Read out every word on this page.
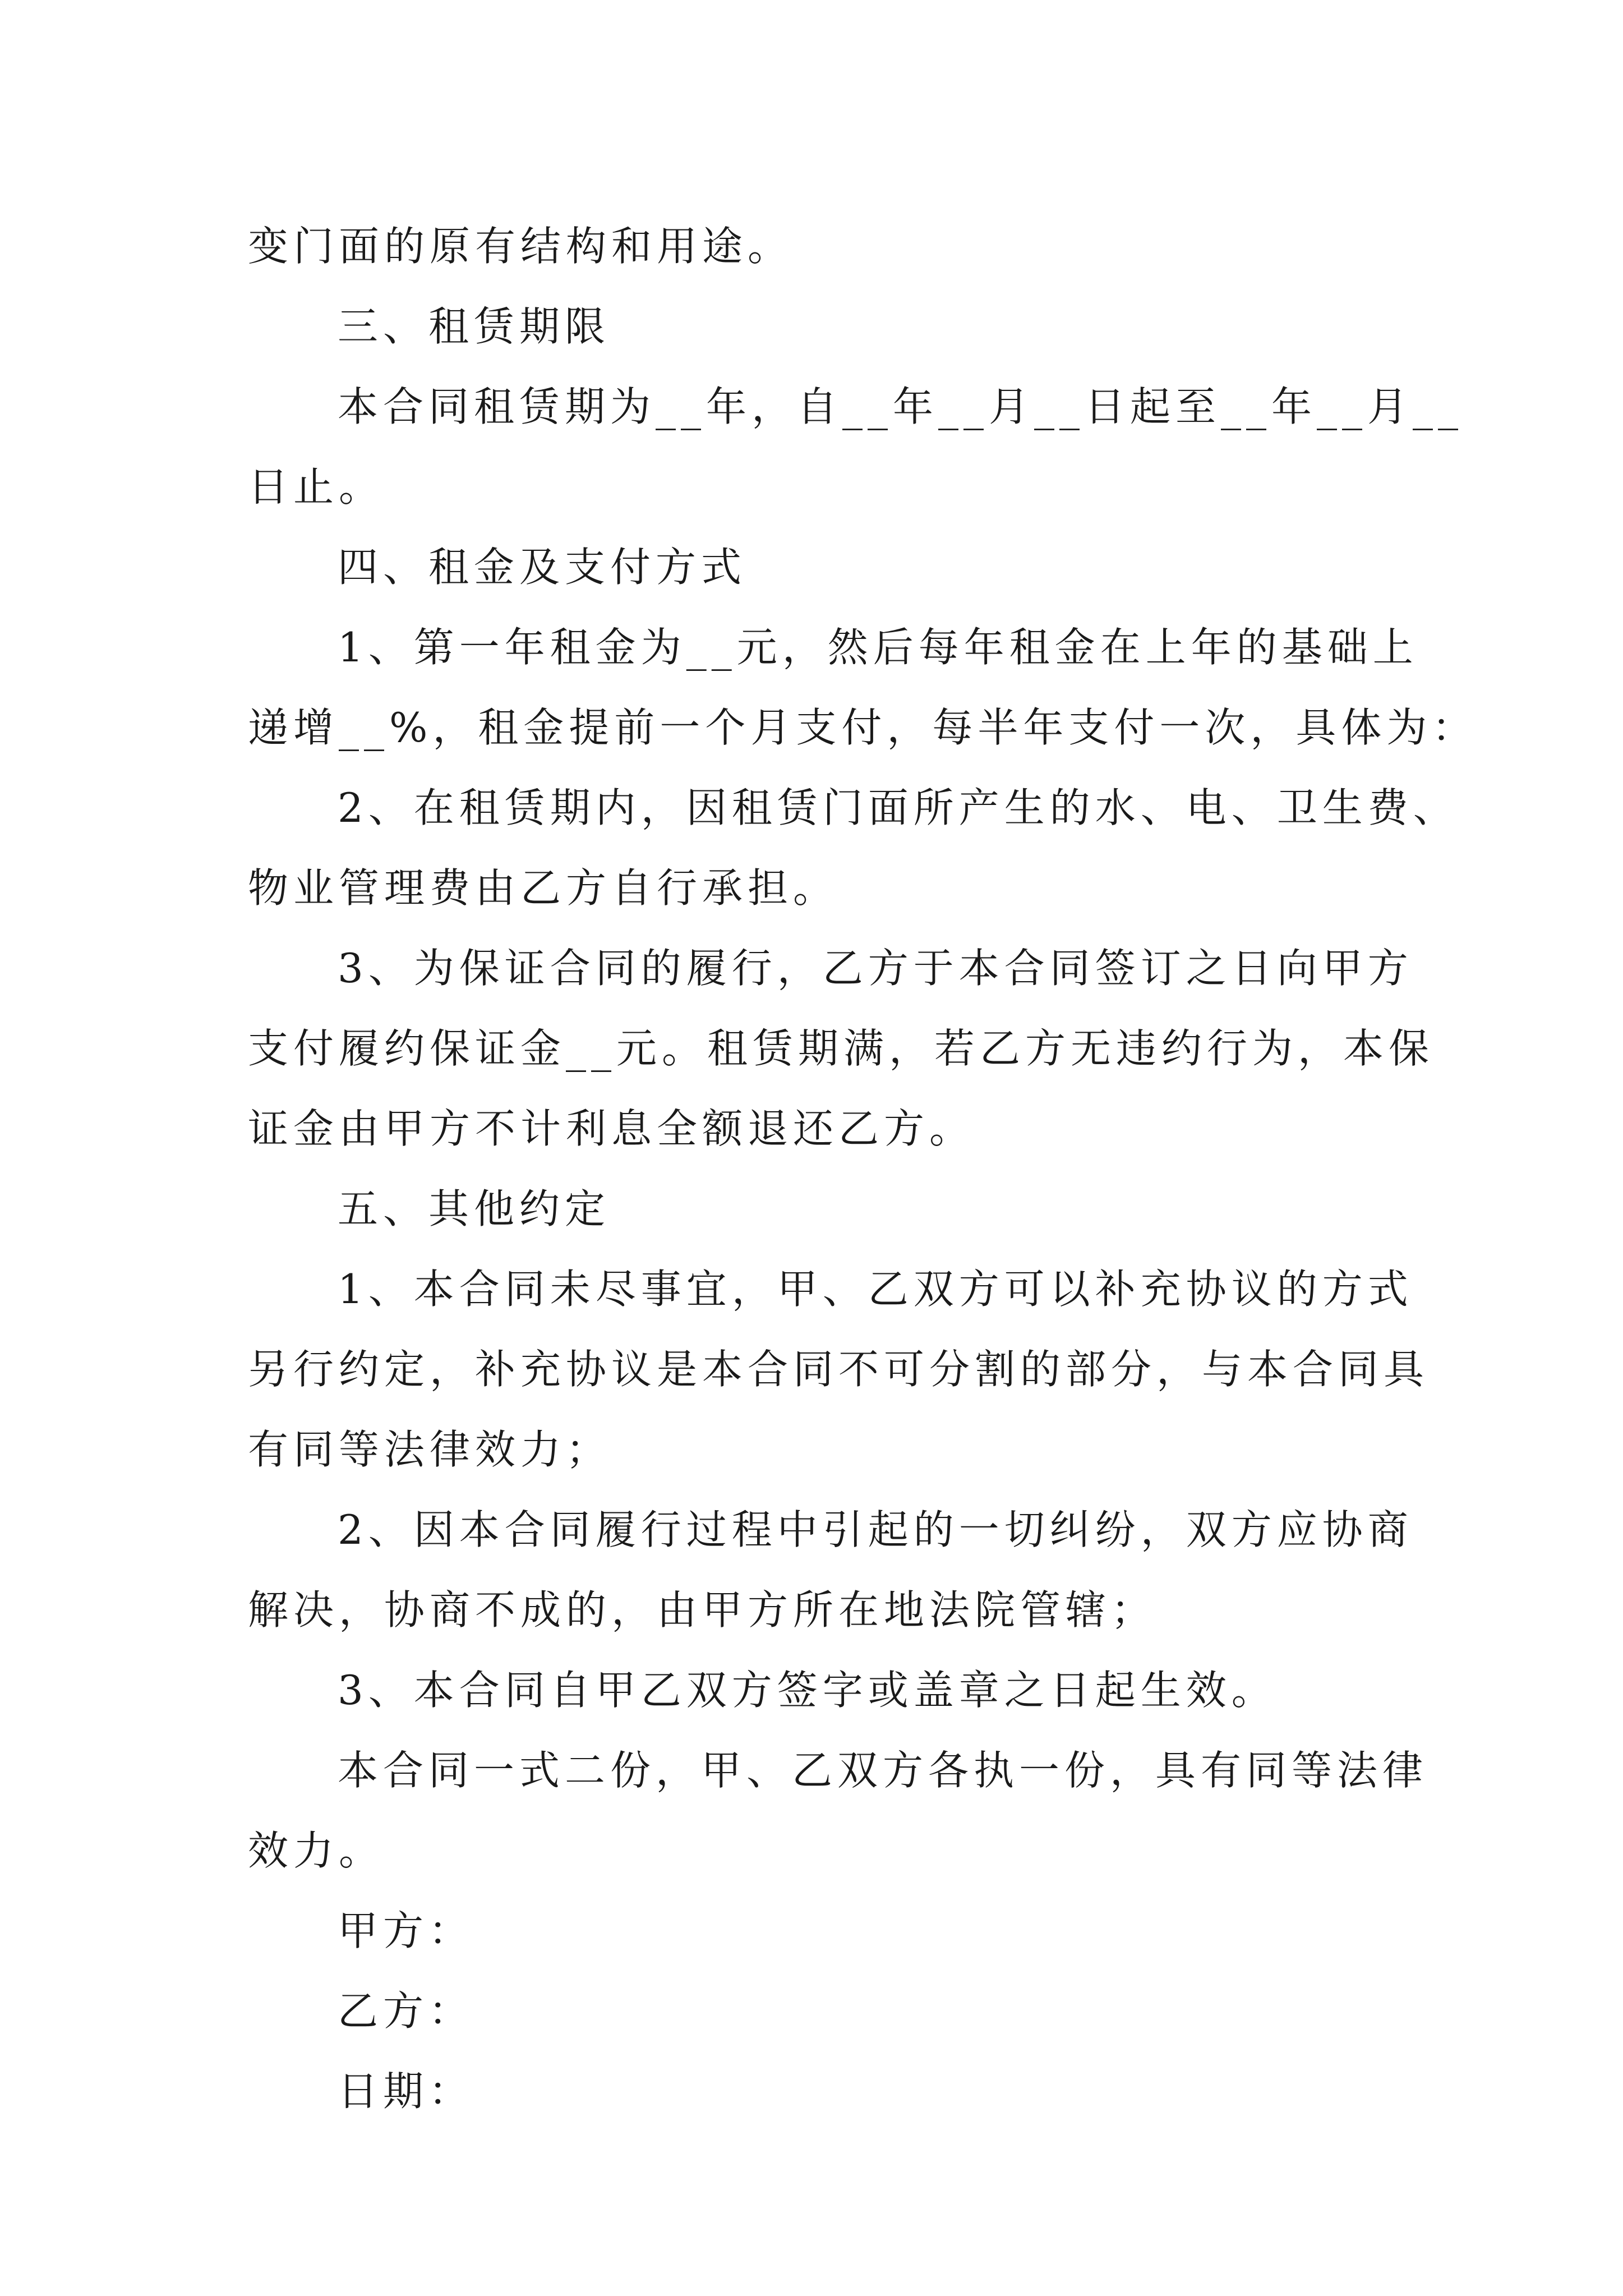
变门面的原有结构和用途。
三、租赁期限
本合同租赁期为__年，自__年__月__日起至__年__月__
日止。
四、租金及支付方式
1、第一年租金为__元，然后每年租金在上年的基础上
递增__%，租金提前一个月支付，每半年支付一次，具体为：
2、在租赁期内，因租赁门面所产生的水、电、卫生费、
物业管理费由乙方自行承担。
3、为保证合同的履行，乙方于本合同签订之日向甲方
支付履约保证金__元。租赁期满，若乙方无违约行为，本保
证金由甲方不计利息全额退还乙方。
五、其他约定
1、本合同未尽事宜，甲、乙双方可以补充协议的方式
另行约定，补充协议是本合同不可分割的部分，与本合同具
有同等法律效力；
2、因本合同履行过程中引起的一切纠纷，双方应协商
解决，协商不成的，由甲方所在地法院管辖；
3、本合同自甲乙双方签字或盖章之日起生效。
本合同一式二份，甲、乙双方各执一份，具有同等法律
效力。
甲方：
乙方：
日期：
